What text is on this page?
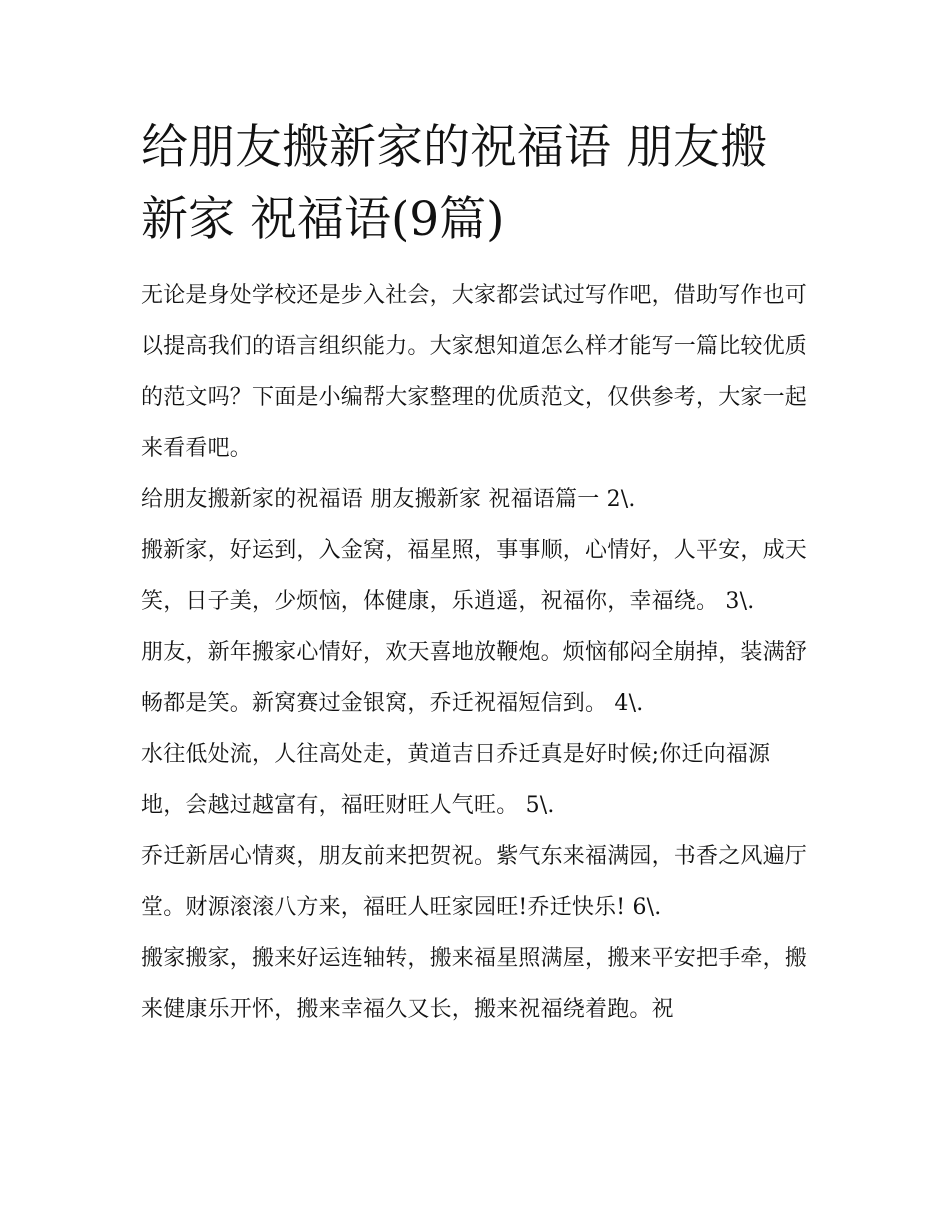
给朋友搬新家的祝福语 朋友搬新家 祝福语(9篇)

无论是身处学校还是步入社会，大家都尝试过写作吧，借助写作也可以提高我们的语言组织能力。大家想知道怎么样才能写一篇比较优质的范文吗？下面是小编帮大家整理的优质范文，仅供参考，大家一起来看看吧。

给朋友搬新家的祝福语 朋友搬新家 祝福语篇一 2\.

搬新家，好运到，入金窝，福星照，事事顺，心情好，人平安，成天笑，日子美，少烦恼，体健康，乐逍遥，祝福你，幸福绕。 3\.

朋友，新年搬家心情好，欢天喜地放鞭炮。烦恼郁闷全崩掉，装满舒畅都是笑。新窝赛过金银窝，乔迁祝福短信到。 4\.

水往低处流，人往高处走，黄道吉日乔迁真是好时候;你迁向福源地，会越过越富有，福旺财旺人气旺。 5\.

乔迁新居心情爽，朋友前来把贺祝。紫气东来福满园，书香之风遍厅堂。财源滚滚八方来，福旺人旺家园旺!乔迁快乐! 6\.

搬家搬家，搬来好运连轴转，搬来福星照满屋，搬来平安把手牵，搬来健康乐开怀，搬来幸福久又长，搬来祝福绕着跑。祝
